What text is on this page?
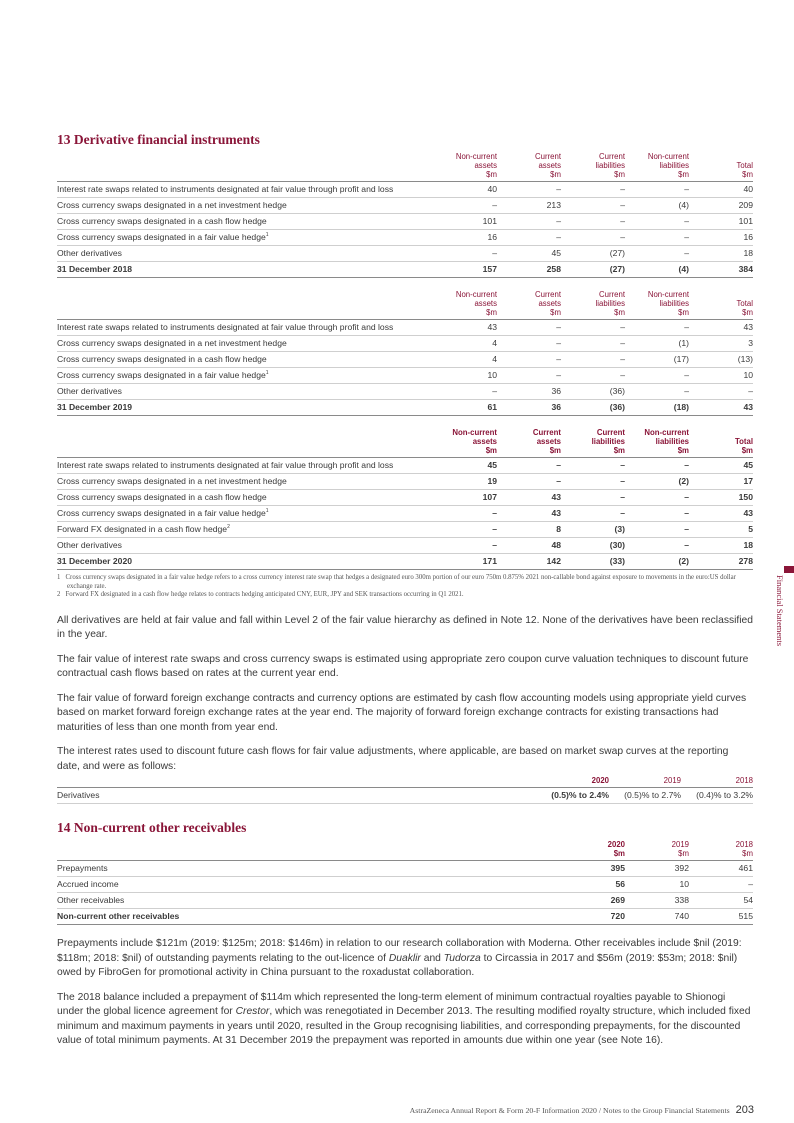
Financial Statements
13 Derivative financial instruments
	Non-current
assets
$m	Current
assets
$m	Current
liabilities
$m	Non-current
liabilities
$m	Total
$m
Interest rate swaps related to instruments designated at fair value through profit and loss	40	–	–	–	40
Cross currency swaps designated in a net investment hedge	–	213	–	(4)	209
Cross currency swaps designated in a cash flow hedge	101	–	–	–	101
Cross currency swaps designated in a fair value hedge$^1$	16	–	–	–	16
Other derivatives	–	45	(27)	–	18
31 December 2018	157	258	(27)	(4)	384
	Non-current
assets
$m	Current
assets
$m	Current
liabilities
$m	Non-current
liabilities
$m	Total
$m
Interest rate swaps related to instruments designated at fair value through profit and loss	43	–	–	–	43
Cross currency swaps designated in a net investment hedge	4	–	–	(1)	3
Cross currency swaps designated in a cash flow hedge	4	–	–	(17)	(13)
Cross currency swaps designated in a fair value hedge$^1$	10	–	–	–	10
Other derivatives	–	36	(36)	–	–
31 December 2019	61	36	(36)	(18)	43
	Non-current
assets
$m	Current
assets
$m	Current
liabilities
$m	Non-current
liabilities
$m	Total
$m
Interest rate swaps related to instruments designated at fair value through profit and loss	45	–	–	–	45
Cross currency swaps designated in a net investment hedge	19	–	–	(2)	17
Cross currency swaps designated in a cash flow hedge	107	43	–	–	150
Cross currency swaps designated in a fair value hedge$^1$	–	43	–	–	43
Forward FX designated in a cash flow hedge$^2$	–	8	(3)	–	5
Other derivatives	–	48	(30)	–	18
31 December 2020	171	142	(33)	(2)	278
1 Cross currency swaps designated in a fair value hedge refers to a cross currency interest rate swap that hedges a designated euro 300m portion of our euro 750m 0.875% 2021 non-callable bond against exposure to movements in the euro:US dollar exchange rate.
2 Forward FX designated in a cash flow hedge relates to contracts hedging anticipated CNY, EUR, JPY and SEK transactions occurring in Q1 2021.

All derivatives are held at fair value and fall within Level 2 of the fair value hierarchy as defined in Note 12. None of the derivatives have been reclassified in the year.

The fair value of interest rate swaps and cross currency swaps is estimated using appropriate zero coupon curve valuation techniques to discount future contractual cash flows based on rates at the current year end.

The fair value of forward foreign exchange contracts and currency options are estimated by cash flow accounting models using appropriate yield curves based on market forward foreign exchange rates at the year end. The majority of forward foreign exchange contracts for existing transactions had maturities of less than one month from year end.

The interest rates used to discount future cash flows for fair value adjustments, where applicable, are based on market swap curves at the reporting date, and were as follows:

	2020	2019	2018
Derivatives	(0.5)% to 2.4%	(0.5)% to 2.7%	(0.4)% to 3.2%
14 Non-current other receivables
	2020
$m	2019
$m	2018
$m
Prepayments	395	392	461
Accrued income	56	10	–
Other receivables	269	338	54
Non-current other receivables	720	740	515

Prepayments include $121m (2019: $125m; 2018: $146m) in relation to our research collaboration with Moderna. Other receivables include $nil (2019: $118m; 2018: $nil) of outstanding payments relating to the out-licence of Duaklir and Tudorza to Circassia in 2017 and $56m (2019: $53m; 2018: $nil) owed by FibroGen for promotional activity in China pursuant to the roxadustat collaboration.

The 2018 balance included a prepayment of $114m which represented the long-term element of minimum contractual royalties payable to Shionogi under the global licence agreement for Crestor, which was renegotiated in December 2013. The resulting modified royalty structure, which included fixed minimum and maximum payments in years until 2020, resulted in the Group recognising liabilities, and corresponding prepayments, for the discounted value of total minimum payments. At 31 December 2019 the prepayment was reported in amounts due within one year (see Note 16).

AstraZeneca Annual Report & Form 20-F Information 2020 / Notes to the Group Financial Statements 203
